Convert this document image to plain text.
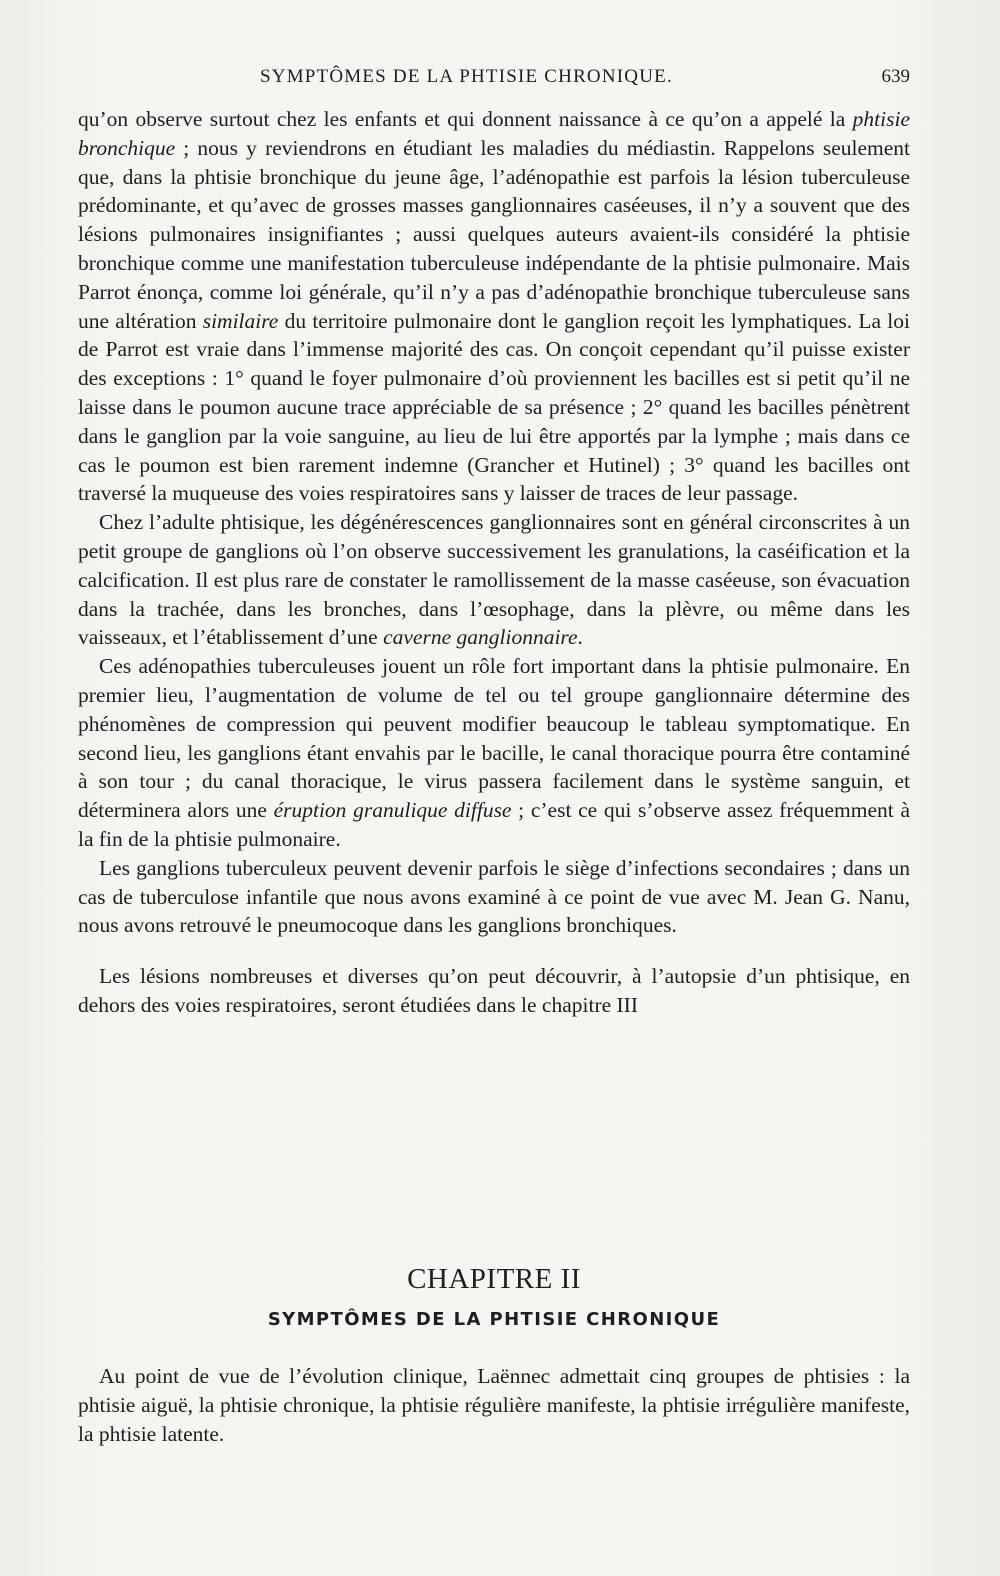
SYMPTÔMES DE LA PHTISIE CHRONIQUE.	639

qu’on observe surtout chez les enfants et qui donnent naissance à ce qu’on a appelé la phtisie bronchique ; nous y reviendrons en étudiant les maladies du médiastin. Rappelons seulement que, dans la phtisie bronchique du jeune âge, l’adénopathie est parfois la lésion tuberculeuse prédominante, et qu’avec de grosses masses ganglionnaires caséeuses, il n’y a souvent que des lésions pulmonaires insignifiantes ; aussi quelques auteurs avaient-ils considéré la phtisie bronchique comme une manifestation tuberculeuse indépendante de la phtisie pulmonaire. Mais Parrot énonça, comme loi générale, qu’il n’y a pas d’adénopathie bronchique tuberculeuse sans une altération similaire du territoire pulmonaire dont le ganglion reçoit les lymphatiques. La loi de Parrot est vraie dans l’immense majorité des cas. On conçoit cependant qu’il puisse exister des exceptions : 1° quand le foyer pulmonaire d’où proviennent les bacilles est si petit qu’il ne laisse dans le poumon aucune trace appréciable de sa présence ; 2° quand les bacilles pénètrent dans le ganglion par la voie sanguine, au lieu de lui être apportés par la lymphe ; mais dans ce cas le poumon est bien rarement indemne (Grancher et Hutinel) ; 3° quand les bacilles ont traversé la muqueuse des voies respiratoires sans y laisser de traces de leur passage.

Chez l’adulte phtisique, les dégénérescences ganglionnaires sont en général circonscrites à un petit groupe de ganglions où l’on observe successivement les granulations, la caséification et la calcification. Il est plus rare de constater le ramollissement de la masse caséeuse, son évacuation dans la trachée, dans les bronches, dans l’œsophage, dans la plèvre, ou même dans les vaisseaux, et l’établissement d’une caverne ganglionnaire.

Ces adénopathies tuberculeuses jouent un rôle fort important dans la phtisie pulmonaire. En premier lieu, l’augmentation de volume de tel ou tel groupe ganglionnaire détermine des phénomènes de compression qui peuvent modifier beaucoup le tableau symptomatique. En second lieu, les ganglions étant envahis par le bacille, le canal thoracique pourra être contaminé à son tour ; du canal thoracique, le virus passera facilement dans le système sanguin, et déterminera alors une éruption granulique diffuse ; c’est ce qui s’observe assez fréquemment à la fin de la phtisie pulmonaire.

Les ganglions tuberculeux peuvent devenir parfois le siège d’infections secondaires ; dans un cas de tuberculose infantile que nous avons examiné à ce point de vue avec M. Jean G. Nanu, nous avons retrouvé le pneumocoque dans les ganglions bronchiques.

Les lésions nombreuses et diverses qu’on peut découvrir, à l’autopsie d’un phtisique, en dehors des voies respiratoires, seront étudiées dans le chapitre III

CHAPITRE II
SYMPTÔMES DE LA PHTISIE CHRONIQUE

Au point de vue de l’évolution clinique, Laënnec admettait cinq groupes de phtisies : la phtisie aiguë, la phtisie chronique, la phtisie régulière manifeste, la phtisie irrégulière manifeste, la phtisie latente.
